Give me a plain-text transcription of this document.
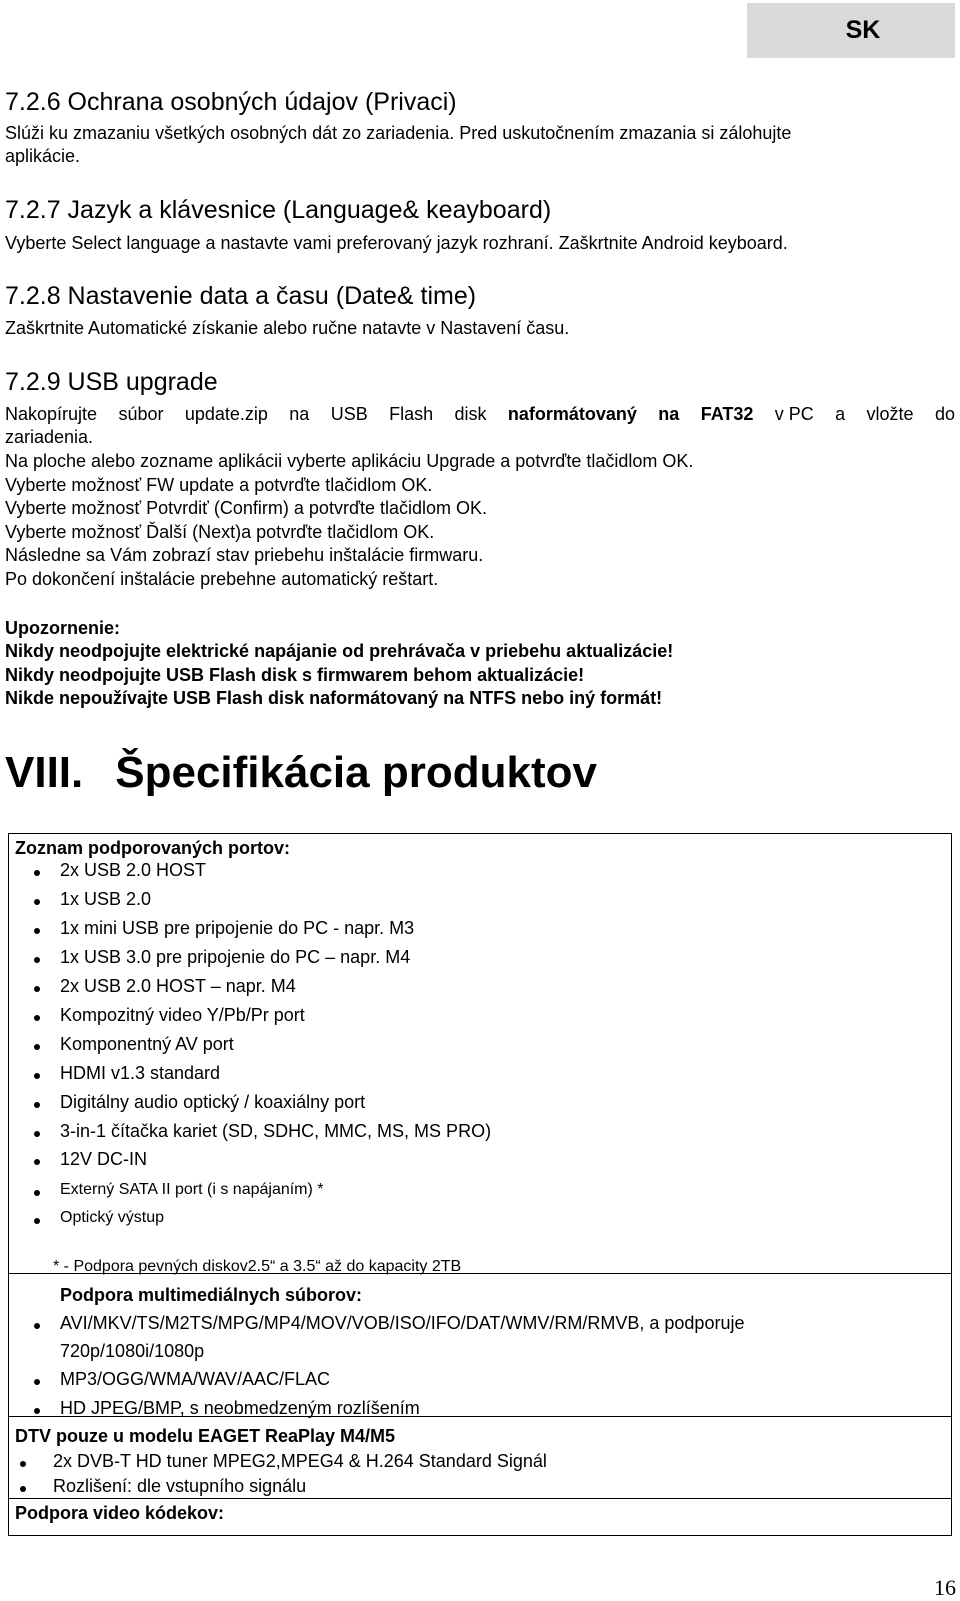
SK
7.2.6 Ochrana osobných údajov (Privaci)
Slúži ku zmazaniu všetkých osobných dát zo zariadenia. Pred uskutočnením zmazania si zálohujte
aplikácie.
7.2.7 Jazyk a klávesnice (Language& keayboard)
Vyberte Select language a nastavte vami preferovaný jazyk rozhraní. Zaškrtnite Android keyboard.
7.2.8 Nastavenie data a času (Date& time)
Zaškrtnite Automatické získanie alebo ručne natavte v Nastavení času.
7.2.9 USB upgrade
Nakopírujte súbor update.zip na USB Flash disk naformátovaný na FAT32 v PC a vložte do
zariadenia.
Na ploche alebo zozname aplikácii vyberte aplikáciu Upgrade a potvrďte tlačidlom OK.
Vyberte možnosť FW update a potvrďte tlačidlom OK.
Vyberte možnosť Potvrdiť (Confirm) a potvrďte tlačidlom OK.
Vyberte možnosť Ďalší (Next)a potvrďte tlačidlom OK.
Následne sa Vám zobrazí stav priebehu inštalácie firmwaru.
Po dokončení inštalácie prebehne automatický reštart.
Upozornenie:
Nikdy neodpojujte elektrické napájanie od prehrávača v priebehu aktualizácie!
Nikdy neodpojujte USB Flash disk s firmwarem behom aktualizácie!
Nikde nepoužívajte USB Flash disk naformátovaný na NTFS nebo iný formát!
VIII. Špecifikácia produktov
Zoznam podporovaných portov:
2x USB 2.0 HOST
1x USB 2.0
1x mini USB pre pripojenie do PC - napr. M3
1x USB 3.0 pre pripojenie do PC – napr. M4
2x USB 2.0 HOST – napr. M4
Kompozitný video Y/Pb/Pr port
Komponentný AV port
HDMI v1.3 standard
Digitálny audio optický / koaxiálny port
3-in-1 čítačka kariet (SD, SDHC, MMC, MS, MS PRO)
12V DC-IN
Externý SATA II port (i s napájaním) *
Optický výstup
* - Podpora pevných diskov2.5“ a 3.5“ až do kapacity 2TB
Podpora multimediálnych súborov:
AVI/MKV/TS/M2TS/MPG/MP4/MOV/VOB/ISO/IFO/DAT/WMV/RM/RMVB, a podporuje
720p/1080i/1080p
MP3/OGG/WMA/WAV/AAC/FLAC
HD JPEG/BMP, s neobmedzeným rozlíšením
DTV pouze u modelu EAGET ReaPlay M4/M5
2x DVB-T HD tuner MPEG2,MPEG4 & H.264 Standard Signál
Rozlišení: dle vstupního signálu
Podpora video kódekov:
16
